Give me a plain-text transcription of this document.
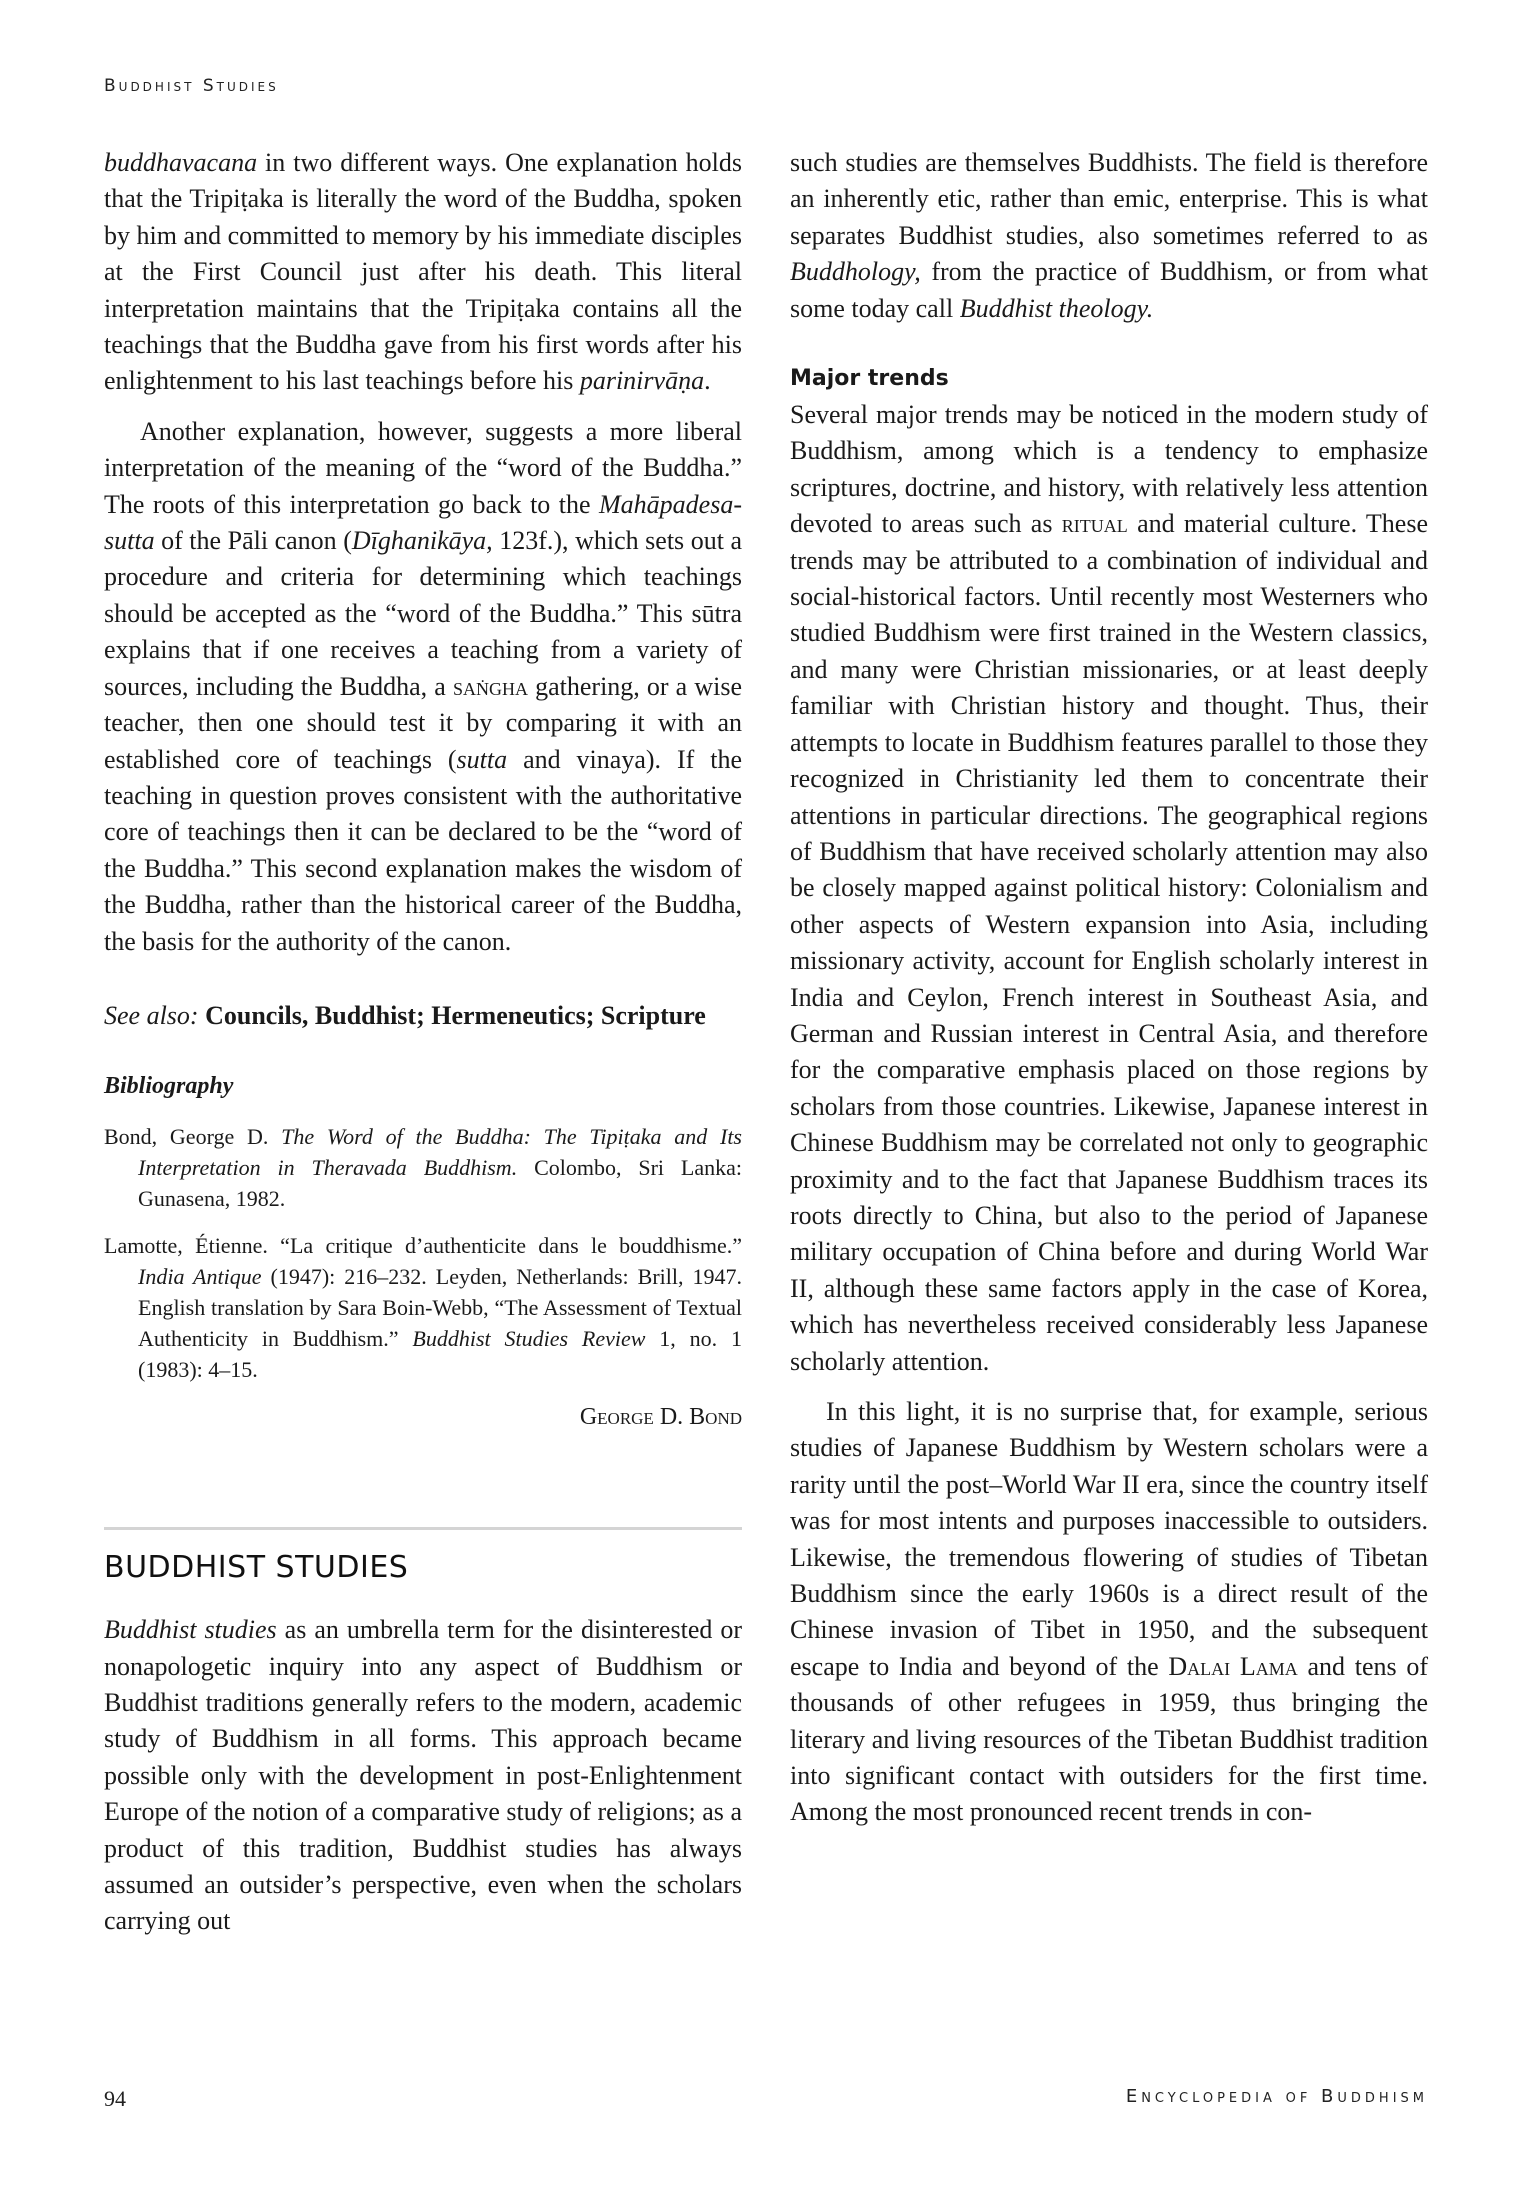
Buddhist Studies

buddhavacana in two different ways. One explanation holds that the Tripiṭaka is literally the word of the Buddha, spoken by him and committed to memory by his immediate disciples at the First Council just after his death. This literal interpretation maintains that the Tripiṭaka contains all the teachings that the Buddha gave from his first words after his enlightenment to his last teachings before his parinirvāṇa.

Another explanation, however, suggests a more liberal interpretation of the meaning of the “word of the Buddha.” The roots of this interpretation go back to the Mahāpadesa-sutta of the Pāli canon (Dīghanikāya, 123f.), which sets out a procedure and criteria for determining which teachings should be accepted as the “word of the Buddha.” This sūtra explains that if one receives a teaching from a variety of sources, including the Buddha, a saṅgha gathering, or a wise teacher, then one should test it by comparing it with an established core of teachings (sutta and vinaya). If the teaching in question proves consistent with the authoritative core of teachings then it can be declared to be the “word of the Buddha.” This second explanation makes the wisdom of the Buddha, rather than the historical career of the Buddha, the basis for the authority of the canon.

See also: Councils, Buddhist; Hermeneutics; Scripture

Bibliography

Bond, George D. The Word of the Buddha: The Tipiṭaka and Its Interpretation in Theravada Buddhism. Colombo, Sri Lanka: Gunasena, 1982.

Lamotte, Étienne. “La critique d’authenticite dans le bouddhisme.” India Antique (1947): 216–232. Leyden, Netherlands: Brill, 1947. English translation by Sara Boin-Webb, “The Assessment of Textual Authenticity in Buddhism.” Buddhist Studies Review 1, no. 1 (1983): 4–15.

George D. Bond

BUDDHIST STUDIES

Buddhist studies as an umbrella term for the disinterested or nonapologetic inquiry into any aspect of Buddhism or Buddhist traditions generally refers to the modern, academic study of Buddhism in all forms. This approach became possible only with the development in post-Enlightenment Europe of the notion of a comparative study of religions; as a product of this tradition, Buddhist studies has always assumed an outsider’s perspective, even when the scholars carrying out

such studies are themselves Buddhists. The field is therefore an inherently etic, rather than emic, enterprise. This is what separates Buddhist studies, also sometimes referred to as Buddhology, from the practice of Buddhism, or from what some today call Buddhist theology.

Major trends

Several major trends may be noticed in the modern study of Buddhism, among which is a tendency to emphasize scriptures, doctrine, and history, with relatively less attention devoted to areas such as ritual and material culture. These trends may be attributed to a combination of individual and social-historical factors. Until recently most Westerners who studied Buddhism were first trained in the Western classics, and many were Christian missionaries, or at least deeply familiar with Christian history and thought. Thus, their attempts to locate in Buddhism features parallel to those they recognized in Christianity led them to concentrate their attentions in particular directions. The geographical regions of Buddhism that have received scholarly attention may also be closely mapped against political history: Colonialism and other aspects of Western expansion into Asia, including missionary activity, account for English scholarly interest in India and Ceylon, French interest in Southeast Asia, and German and Russian interest in Central Asia, and therefore for the comparative emphasis placed on those regions by scholars from those countries. Likewise, Japanese interest in Chinese Buddhism may be correlated not only to geographic proximity and to the fact that Japanese Buddhism traces its roots directly to China, but also to the period of Japanese military occupation of China before and during World War II, although these same factors apply in the case of Korea, which has nevertheless received considerably less Japanese scholarly attention.

In this light, it is no surprise that, for example, serious studies of Japanese Buddhism by Western scholars were a rarity until the post–World War II era, since the country itself was for most intents and purposes inaccessible to outsiders. Likewise, the tremendous flowering of studies of Tibetan Buddhism since the early 1960s is a direct result of the Chinese invasion of Tibet in 1950, and the subsequent escape to India and beyond of the Dalai Lama and tens of thousands of other refugees in 1959, thus bringing the literary and living resources of the Tibetan Buddhist tradition into significant contact with outsiders for the first time. Among the most pronounced recent trends in con-

94	Encyclopedia of Buddhism
